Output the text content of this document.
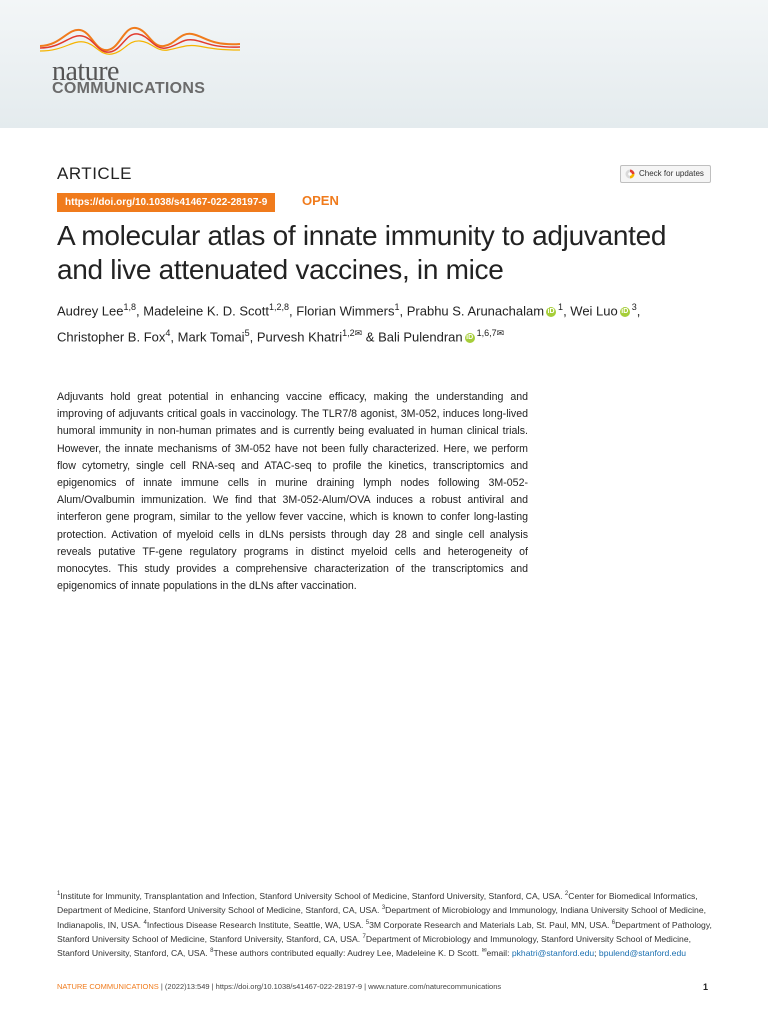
nature
COMMUNICATIONS
ARTICLE	Check for updates
https://doi.org/10.1038/s41467-022-28197-9	OPEN
A molecular atlas of innate immunity to adjuvanted and live attenuated vaccines, in mice
Audrey Lee$^{1,8}$, Madeleine K. D. Scott$^{1,2,8}$, Florian Wimmers$^1$, Prabhu S. Arunachalam iD $^1$, Wei Luo iD $^3$,
Christopher B. Fox$^4$, Mark Tomai$^5$, Purvesh Khatri$^{1,2✉}$ & Bali Pulendran iD $^{1,6,7✉}$

Adjuvants hold great potential in enhancing vaccine efficacy, making the understanding and improving of adjuvants critical goals in vaccinology. The TLR7/8 agonist, 3M-052, induces long-lived humoral immunity in non-human primates and is currently being evaluated in human clinical trials. However, the innate mechanisms of 3M-052 have not been fully characterized. Here, we perform flow cytometry, single cell RNA-seq and ATAC-seq to profile the kinetics, transcriptomics and epigenomics of innate immune cells in murine draining lymph nodes following 3M-052-Alum/Ovalbumin immunization. We find that 3M-052-Alum/OVA induces a robust antiviral and interferon gene program, similar to the yellow fever vaccine, which is known to confer long-lasting protection. Activation of myeloid cells in dLNs persists through day 28 and single cell analysis reveals putative TF-gene regulatory programs in distinct myeloid cells and heterogeneity of monocytes. This study provides a comprehensive characterization of the transcriptomics and epigenomics of innate populations in the dLNs after vaccination.

$^1$Institute for Immunity, Transplantation and Infection, Stanford University School of Medicine, Stanford University, Stanford, CA, USA. $^2$Center for Biomedical Informatics, Department of Medicine, Stanford University School of Medicine, Stanford, CA, USA. $^3$Department of Microbiology and Immunology, Indiana University School of Medicine, Indianapolis, IN, USA. $^4$Infectious Disease Research Institute, Seattle, WA, USA. $^5$3M Corporate Research and Materials Lab, St. Paul, MN, USA. $^6$Department of Pathology, Stanford University School of Medicine, Stanford University, Stanford, CA, USA. $^7$Department of Microbiology and Immunology, Stanford University School of Medicine, Stanford University, Stanford, CA, USA. $^8$These authors contributed equally: Audrey Lee, Madeleine K. D Scott. ✉email: pkhatri@stanford.edu; bpulend@stanford.edu

NATURE COMMUNICATIONS | (2022)13:549 | https://doi.org/10.1038/s41467-022-28197-9 | www.nature.com/naturecommunications	1
